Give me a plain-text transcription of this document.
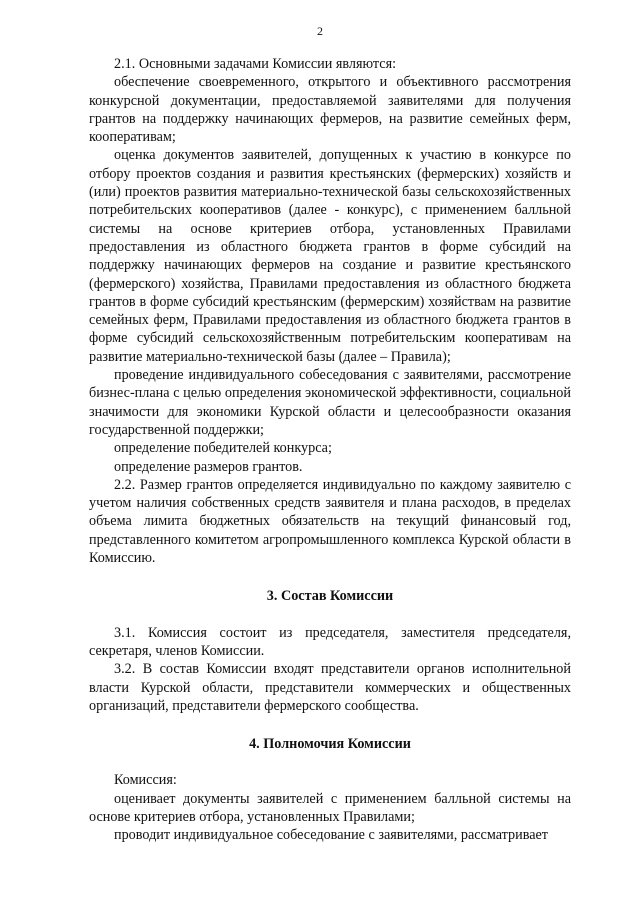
2

2.1. Основными задачами Комиссии являются:

обеспечение своевременного, открытого и объективного рассмотрения конкурсной документации, предоставляемой заявителями для получения грантов на поддержку начинающих фермеров, на развитие семейных ферм, кооперативам;

оценка документов заявителей, допущенных к участию в конкурсе по отбору проектов создания и развития крестьянских (фермерских) хозяйств и (или) проектов развития материально-технической базы сельскохозяйственных потребительских кооперативов (далее - конкурс), с применением балльной системы на основе критериев отбора, установленных Правилами предоставления из областного бюджета грантов в форме субсидий на поддержку начинающих фермеров на создание и развитие крестьянского (фермерского) хозяйства, Правилами предоставления из областного бюджета грантов в форме субсидий крестьянским (фермерским) хозяйствам на развитие семейных ферм, Правилами предоставления из областного бюджета грантов в форме субсидий сельскохозяйственным потребительским кооперативам на развитие материально-технической базы (далее – Правила);

проведение индивидуального собеседования с заявителями, рассмотрение бизнес-плана с целью определения экономической эффективности, социальной значимости для экономики Курской области и целесообразности оказания государственной поддержки;

определение победителей конкурса;

определение размеров грантов.

2.2. Размер грантов определяется индивидуально по каждому заявителю с учетом наличия собственных средств заявителя и плана расходов, в пределах объема лимита бюджетных обязательств на текущий финансовый год, представленного комитетом агропромышленного комплекса Курской области в Комиссию.

3. Состав Комиссии

3.1. Комиссия состоит из председателя, заместителя председателя, секретаря, членов Комиссии.

3.2. В состав Комиссии входят представители органов исполнительной власти Курской области, представители коммерческих и общественных организаций, представители фермерского сообщества.

4. Полномочия Комиссии

Комиссия:

оценивает документы заявителей с применением балльной системы на основе критериев отбора, установленных Правилами;

проводит индивидуальное собеседование с заявителями, рассматривает
